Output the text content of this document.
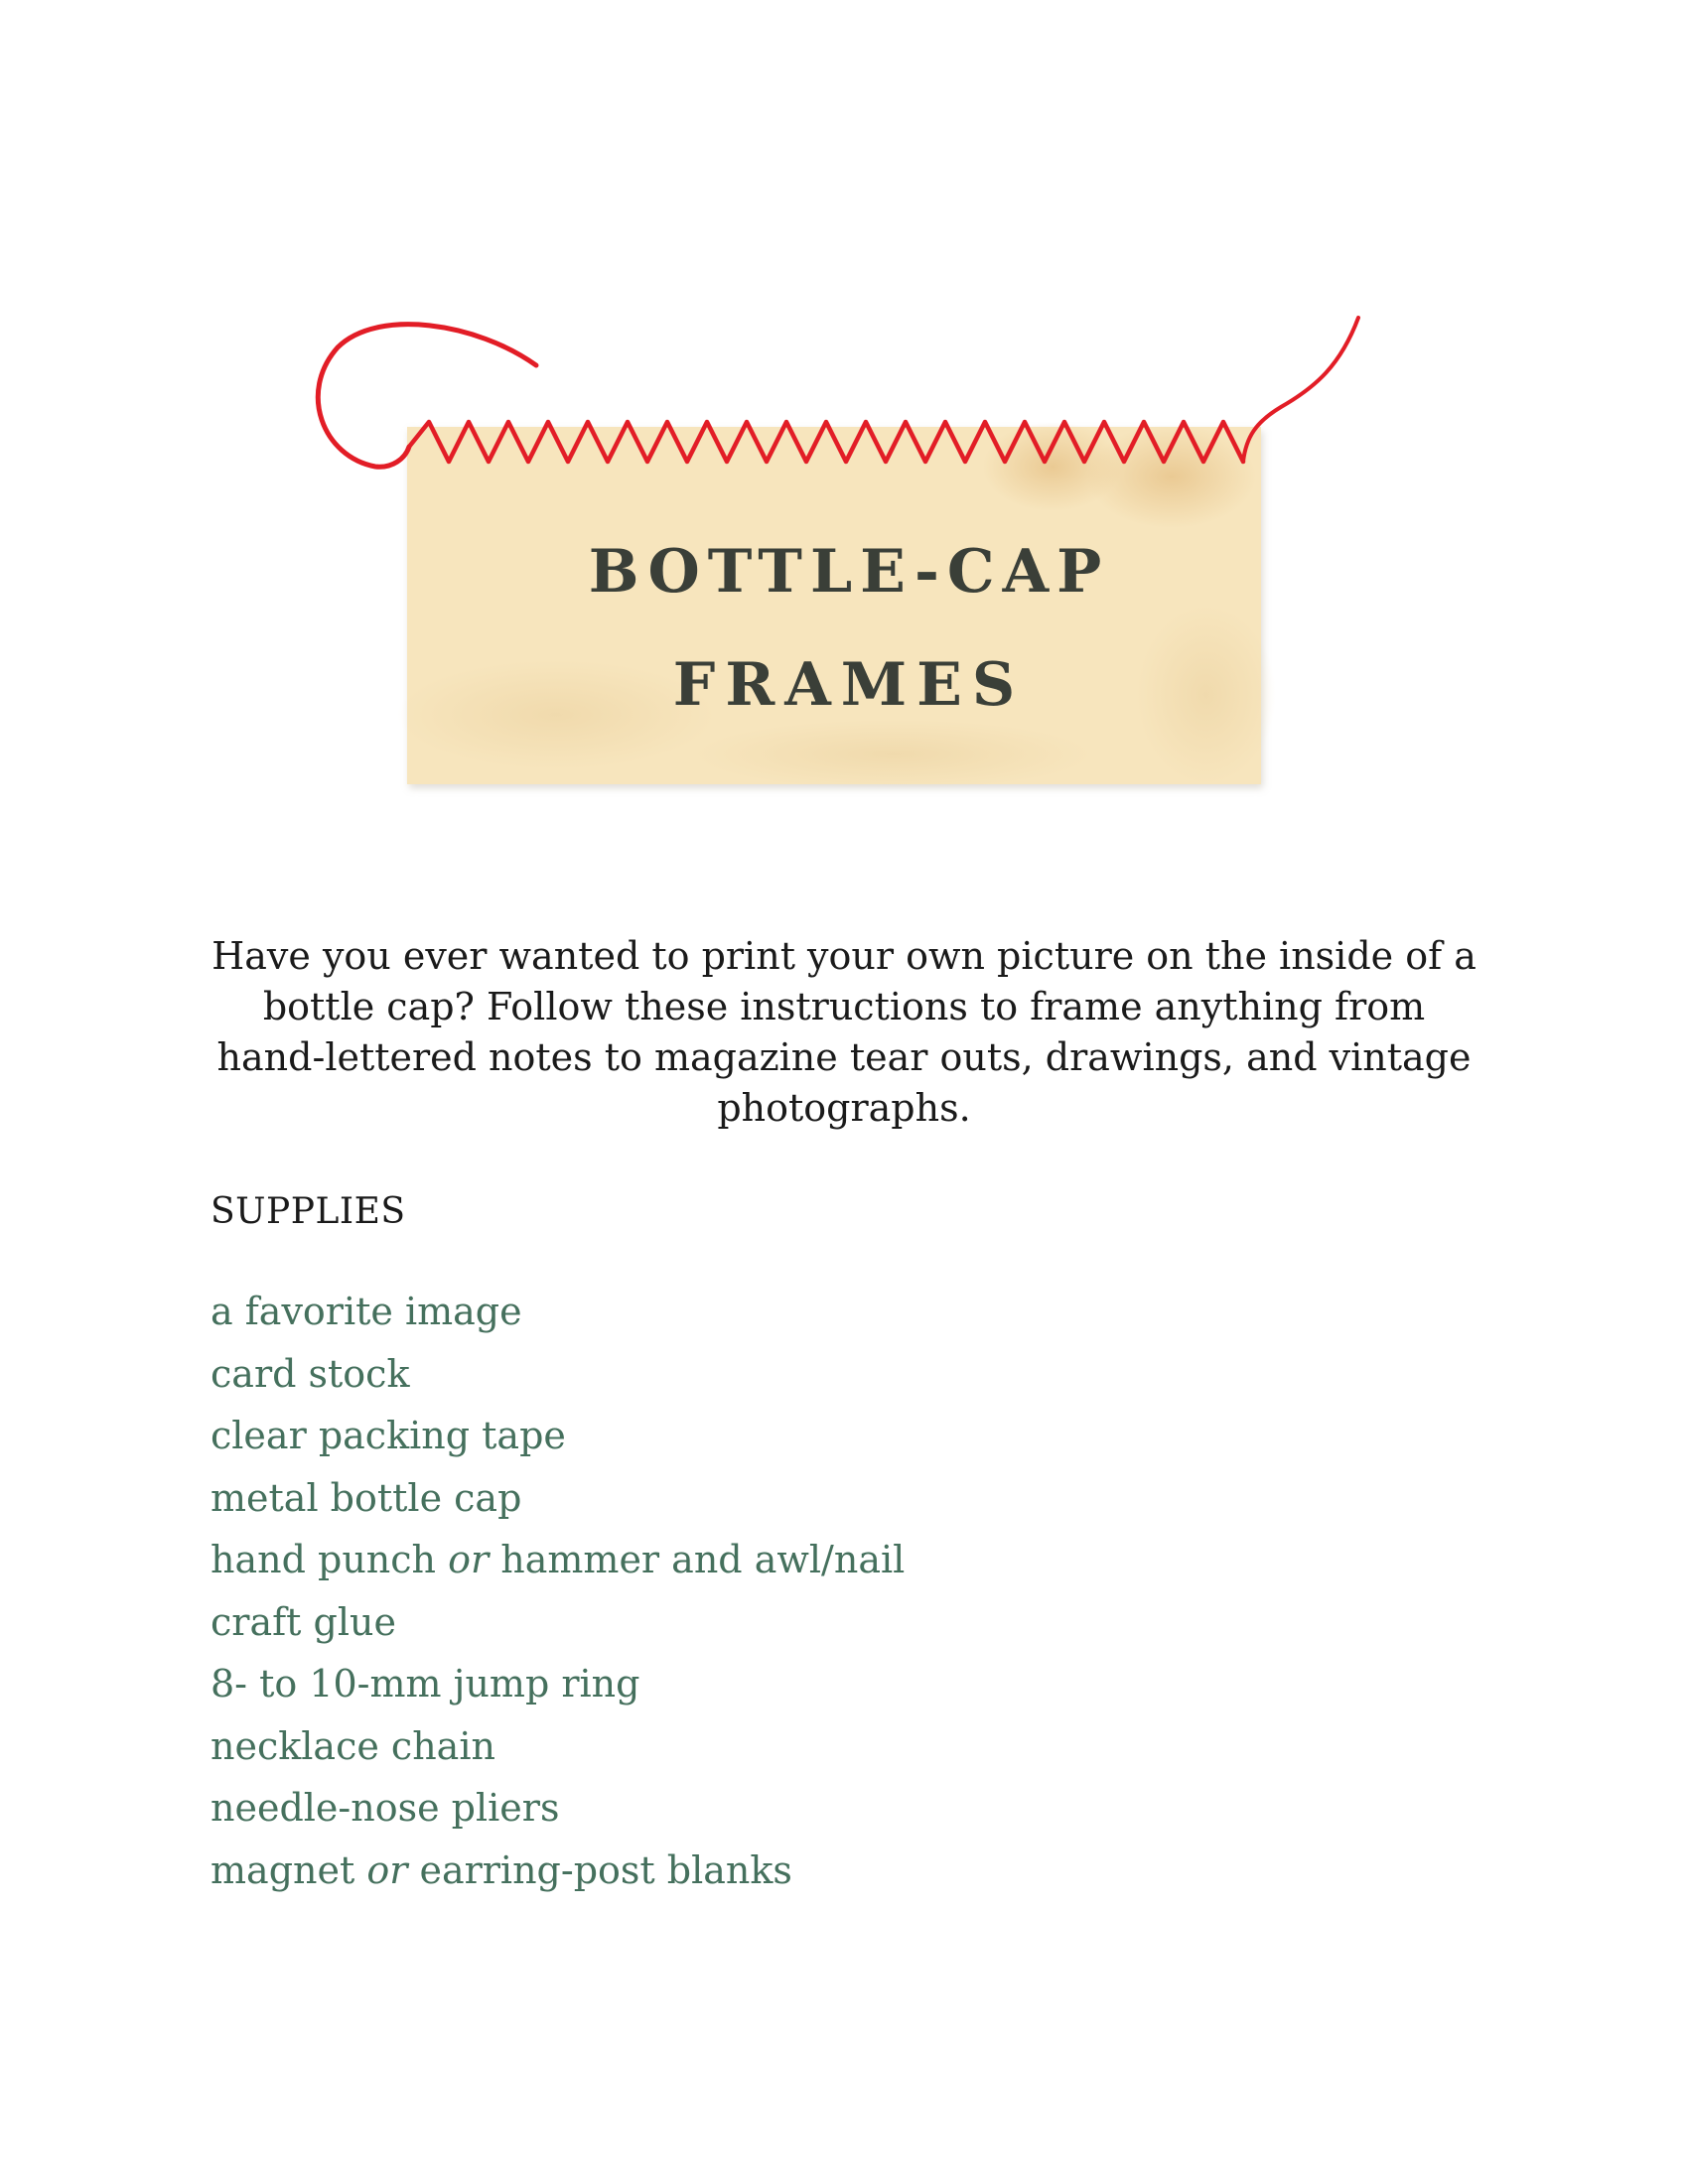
BOTTLE-CAP
FRAMES

Have you ever wanted to print your own picture on the inside of a bottle cap? Follow these instructions to frame anything from hand-lettered notes to magazine tear outs, drawings, and vintage photographs.

SUPPLIES
a favorite image
card stock
clear packing tape
metal bottle cap
hand punch or hammer and awl/nail
craft glue
8- to 10-mm jump ring
necklace chain
needle-nose pliers
magnet or earring-post blanks
